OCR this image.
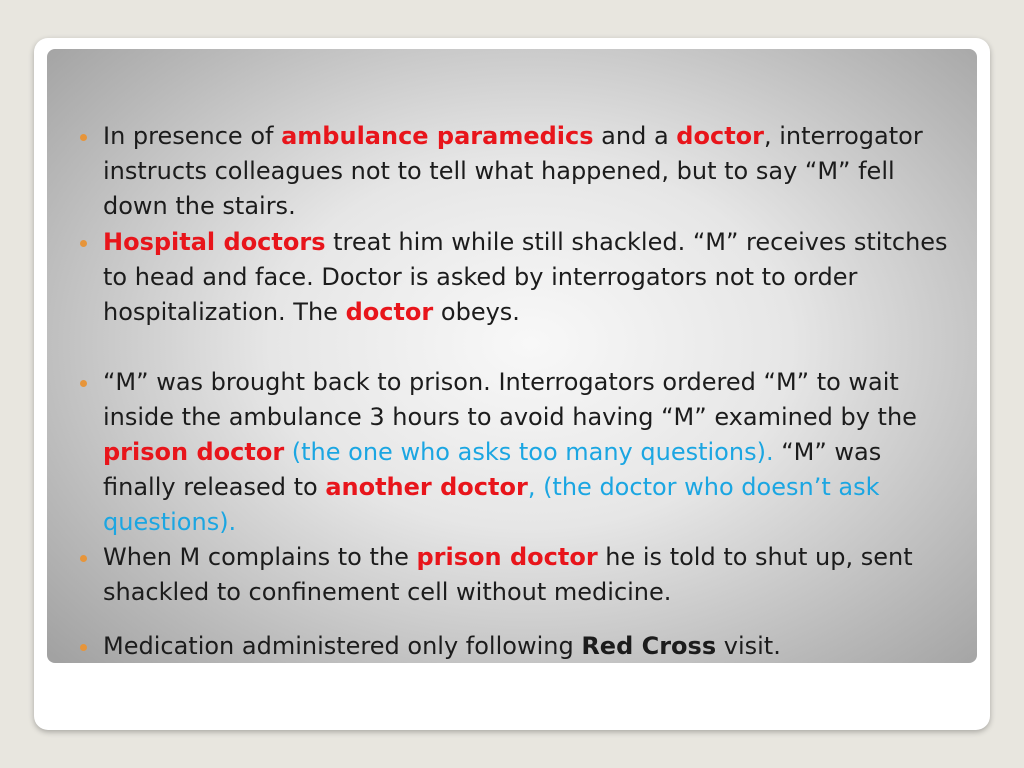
In presence of ambulance paramedics and a doctor, interrogator instructs colleagues not to tell what happened, but to say “M” fell down the stairs.
Hospital doctors treat him while still shackled. “M” receives stitches to head and face. Doctor is asked by interrogators not to order hospitalization. The doctor obeys.
“M” was brought back to prison. Interrogators ordered “M” to wait inside the ambulance 3 hours to avoid having “M” examined by the prison doctor (the one who asks too many questions). “M” was finally released to another doctor, (the doctor who doesn’t ask questions).
When M complains to the prison doctor he is told to shut up, sent shackled to confinement cell without medicine.
Medication administered only following Red Cross visit.
